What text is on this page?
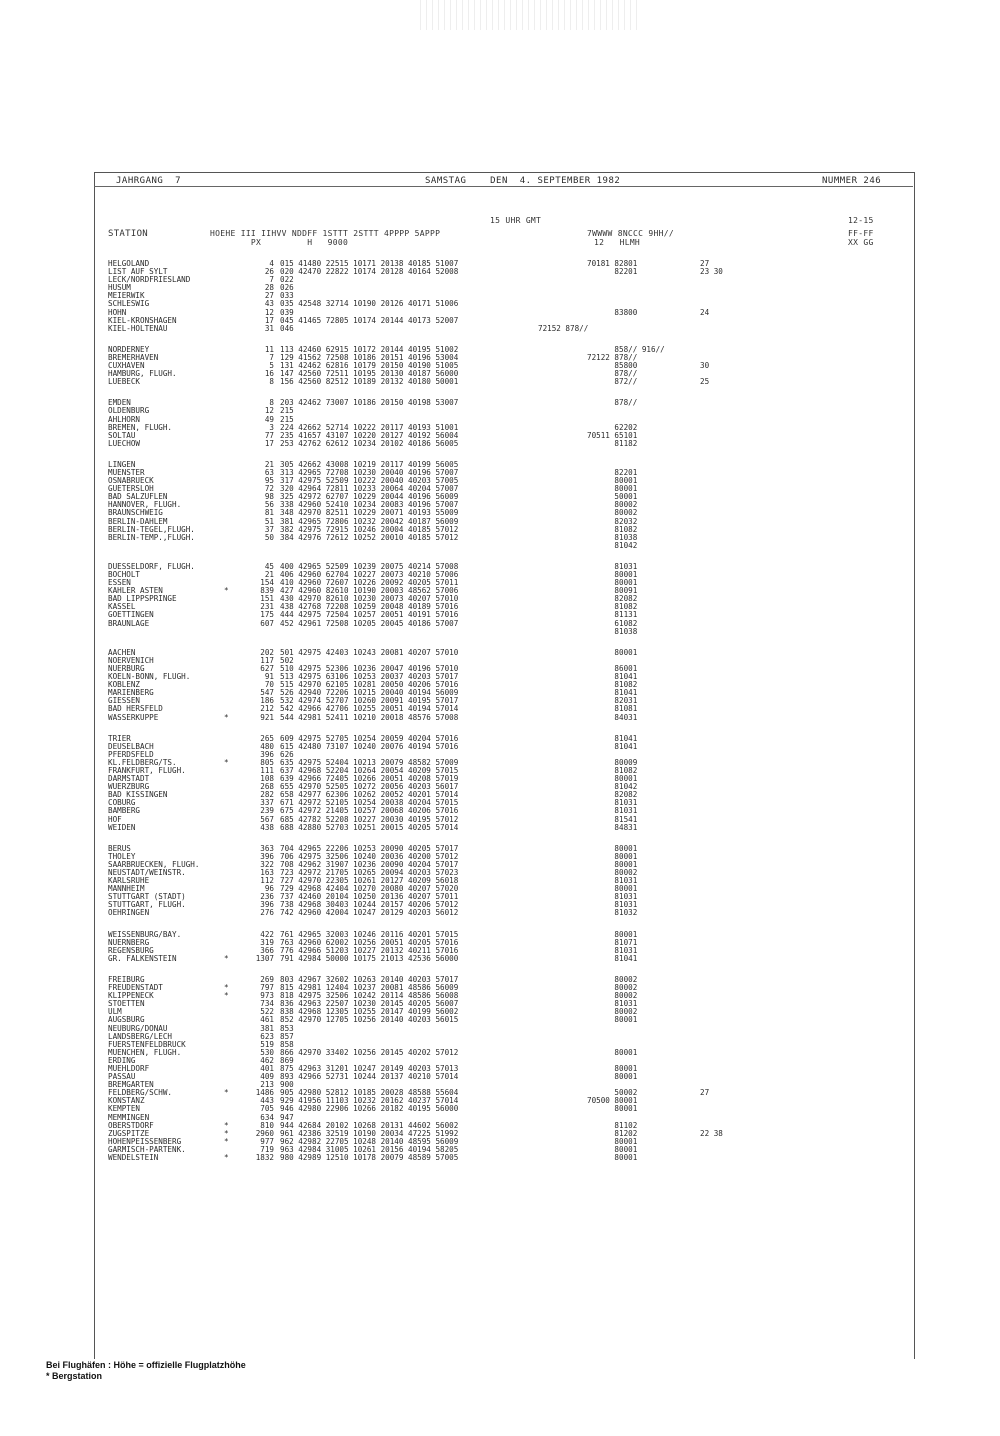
JAHRGANG  7	SAMSTAG    DEN  4. SEPTEMBER 1982	NUMMER 246
15 UHR GMT	12-15
STATION	HOEHE III IIHVV NDDFF 1STTT 2STTT 4PPPP 5APPP
PX         H   9000
7WWWW 8NCCC 9HH//
12   HLMH
FF-FF
XX GG
HELGOLAND	4 015 41480 22515 10171 20138 40185 51007	70181 82801	27
LIST AUF SYLT	26 020 42470 22822 10174 20128 40164 52008	82201	23 30
LECK/NORDFRIESLAND	7 022
HUSUM	28 026
MEIERWIK	27 033
SCHLESWIG	43 035 42548 32714 10190 20126 40171 51006
HOHN	12 039	83800	24
KIEL-KRONSHAGEN	17 045 41465 72805 10174 20144 40173 52007
KIEL-HOLTENAU	31 046	72152 878//
NORDERNEY	11 113 42460 62915 10172 20144 40195 51002	858// 916//
BREMERHAVEN	7 129 41562 72508 10186 20151 40196 53004	72122 878//
CUXHAVEN	5 131 42462 62816 10179 20150 40190 51005	85800	30
HAMBURG, FLUGH.	16 147 42560 72511 10195 20130 40187 56000	878//
LUEBECK	8 156 42560 82512 10189 20132 40180 50001	872//	25
EMDEN	8 203 42462 73007 10186 20150 40198 53007	878//
OLDENBURG	12 215
AHLHORN	49 215
BREMEN, FLUGH.	3 224 42662 52714 10222 20117 40193 51001	62202
SOLTAU	77 235 41657 43107 10220 20127 40192 56004	70511 65101
LUECHOW	17 253 42762 62612 10234 20102 40186 56005	81182
LINGEN	21 305 42662 43008 10219 20117 40199 56005
MUENSTER	63 313 42965 72708 10230 20040 40196 57007	82201
OSNABRUECK	95 317 42975 52509 10222 20040 40203 57005	80001
GUETERSLOH	72 320 42964 72811 10233 20064 40204 57007	80001
BAD SALZUFLEN	98 325 42972 62707 10229 20044 40196 56009	50001
HANNOVER, FLUGH.	56 338 42960 52410 10234 20083 40196 57007	80002
BRAUNSCHWEIG	81 348 42970 82511 10229 20071 40193 55009	80002
BERLIN-DAHLEM	51 381 42965 72806 10232 20042 40187 56009	82032
BERLIN-TEGEL,FLUGH.	37 382 42975 72915 10246 20004 40185 57012	81082
BERLIN-TEMP.,FLUGH.	50 384 42976 72612 10252 20010 40185 57012	81038
81042
DUESSELDORF, FLUGH.	45 400 42965 52509 10239 20075 40214 57008	81031
BOCHOLT	21 406 42960 62704 10227 20073 40210 57006	80001
ESSEN	154 410 42960 72607 10226 20092 40205 57011	80001
KAHLER ASTEN	*	839 427 42960 82610 10190 20003 48562 57006	80091
BAD LIPPSPRINGE	151 430 42970 82610 10230 20073 40207 57010	82082
KASSEL	231 438 42768 72208 10259 20048 40189 57016	81082
GOETTINGEN	175 444 42975 72504 10257 20051 40191 57016	81131
BRAUNLAGE	607 452 42961 72508 10205 20045 40186 57007	61082
81038
AACHEN	202 501 42975 42403 10243 20081 40207 57010	80001
NOERVENICH	117 502
NUERBURG	627 510 42975 52306 10236 20047 40196 57010	86001
KOELN-BONN, FLUGH.	91 513 42975 63106 10253 20037 40203 57017	81041
KOBLENZ	70 515 42970 62105 10281 20050 40206 57016	81082
MARIENBERG	547 526 42940 72206 10215 20040 40194 56009	81041
GIESSEN	186 532 42974 52707 10260 20091 40195 57017	82031
BAD HERSFELD	212 542 42966 42706 10255 20051 40194 57014	81081
WASSERKUPPE	*	921 544 42981 52411 10210 20018 48576 57008	84031
TRIER	265 609 42975 52705 10254 20059 40204 57016	81041
DEUSELBACH	480 615 42480 73107 10240 20076 40194 57016	81041
PFERDSFELD	396 626
KL.FELDBERG/TS.	*	805 635 42975 52404 10213 20079 48582 57009	80009
FRANKFURT, FLUGH.	111 637 42968 52204 10264 20054 40209 57015	81082
DARMSTADT	108 639 42966 72405 10266 20051 40208 57019	80001
WUERZBURG	268 655 42970 52505 10272 20056 40203 56017	81042
BAD KISSINGEN	282 658 42977 62306 10262 20052 40201 57014	82082
COBURG	337 671 42972 52105 10254 20038 40204 57015	81031
BAMBERG	239 675 42972 21405 10257 20068 40206 57016	81031
HOF	567 685 42782 52208 10227 20030 40195 57012	81541
WEIDEN	438 688 42880 52703 10251 20015 40205 57014	84831
BERUS	363 704 42965 22206 10253 20090 40205 57017	80001
THOLEY	396 706 42975 32506 10240 20036 40200 57012	80001
SAARBRUECKEN, FLUGH.	322 708 42962 31907 10236 20090 40204 57017	80001
NEUSTADT/WEINSTR.	163 723 42972 21705 10265 20094 40203 57023	80002
KARLSRUHE	112 727 42970 22305 10261 20127 40209 56018	81031
MANNHEIM	96 729 42968 42404 10270 20080 40207 57020	80001
STUTTGART (STADT)	236 737 42460 20104 10250 20136 40207 57011	81031
STUTTGART, FLUGH.	396 738 42968 30403 10244 20157 40206 57012	81031
OEHRINGEN	276 742 42960 42004 10247 20129 40203 56012	81032
WEISSENBURG/BAY.	422 761 42965 32003 10246 20116 40201 57015	80001
NUERNBERG	319 763 42960 62002 10256 20051 40205 57016	81071
REGENSBURG	366 776 42966 51203 10227 20132 40211 57016	81031
GR. FALKENSTEIN	*	1307 791 42984 50000 10175 21013 42536 56000	81041
FREIBURG	269 803 42967 32602 10263 20140 40203 57017	80002
FREUDENSTADT	*	797 815 42981 12404 10237 20081 48586 56009	80002
KLIPPENECK	*	973 818 42975 32506 10242 20114 48586 56008	80002
STOETTEN	734 836 42963 22507 10230 20145 40205 56007	81031
ULM	522 838 42968 12305 10255 20147 40199 56002	80002
AUGSBURG	461 852 42970 12705 10256 20140 40203 56015	80001
NEUBURG/DONAU	381 853
LANDSBERG/LECH	623 857
FUERSTENFELDBRUCK	519 858
MUENCHEN, FLUGH.	530 866 42970 33402 10256 20145 40202 57012	80001
ERDING	462 869
MUEHLDORF	401 875 42963 31201 10247 20149 40203 57013	80001
PASSAU	409 893 42966 52731 10244 20137 40210 57014	80001
BREMGARTEN	213 900
FELDBERG/SCHW.	*	1486 905 42980 52812 10185 20028 48588 55604	50002	27
KONSTANZ	443 929 41956 11103 10232 20162 40237 57014	70500 80001
KEMPTEN	705 946 42980 22906 10266 20182 40195 56000	80001
MEMMINGEN	634 947
OBERSTDORF	*	810 944 42684 20102 10268 20131 44602 56002	81102
ZUGSPITZE	*	2960 961 42386 32519 10190 20034 47225 51992	81202	22 38
HOHENPEISSENBERG	*	977 962 42982 22705 10248 20140 48595 56009	80001
GARMISCH-PARTENK.	719 963 42984 31005 10261 20156 40194 58205	80001
WENDELSTEIN	*	1832 980 42989 12510 10178 20079 48589 57005	80001
Bei Flughäfen : Höhe = offizielle Flugplatzhöhe
* Bergstation
